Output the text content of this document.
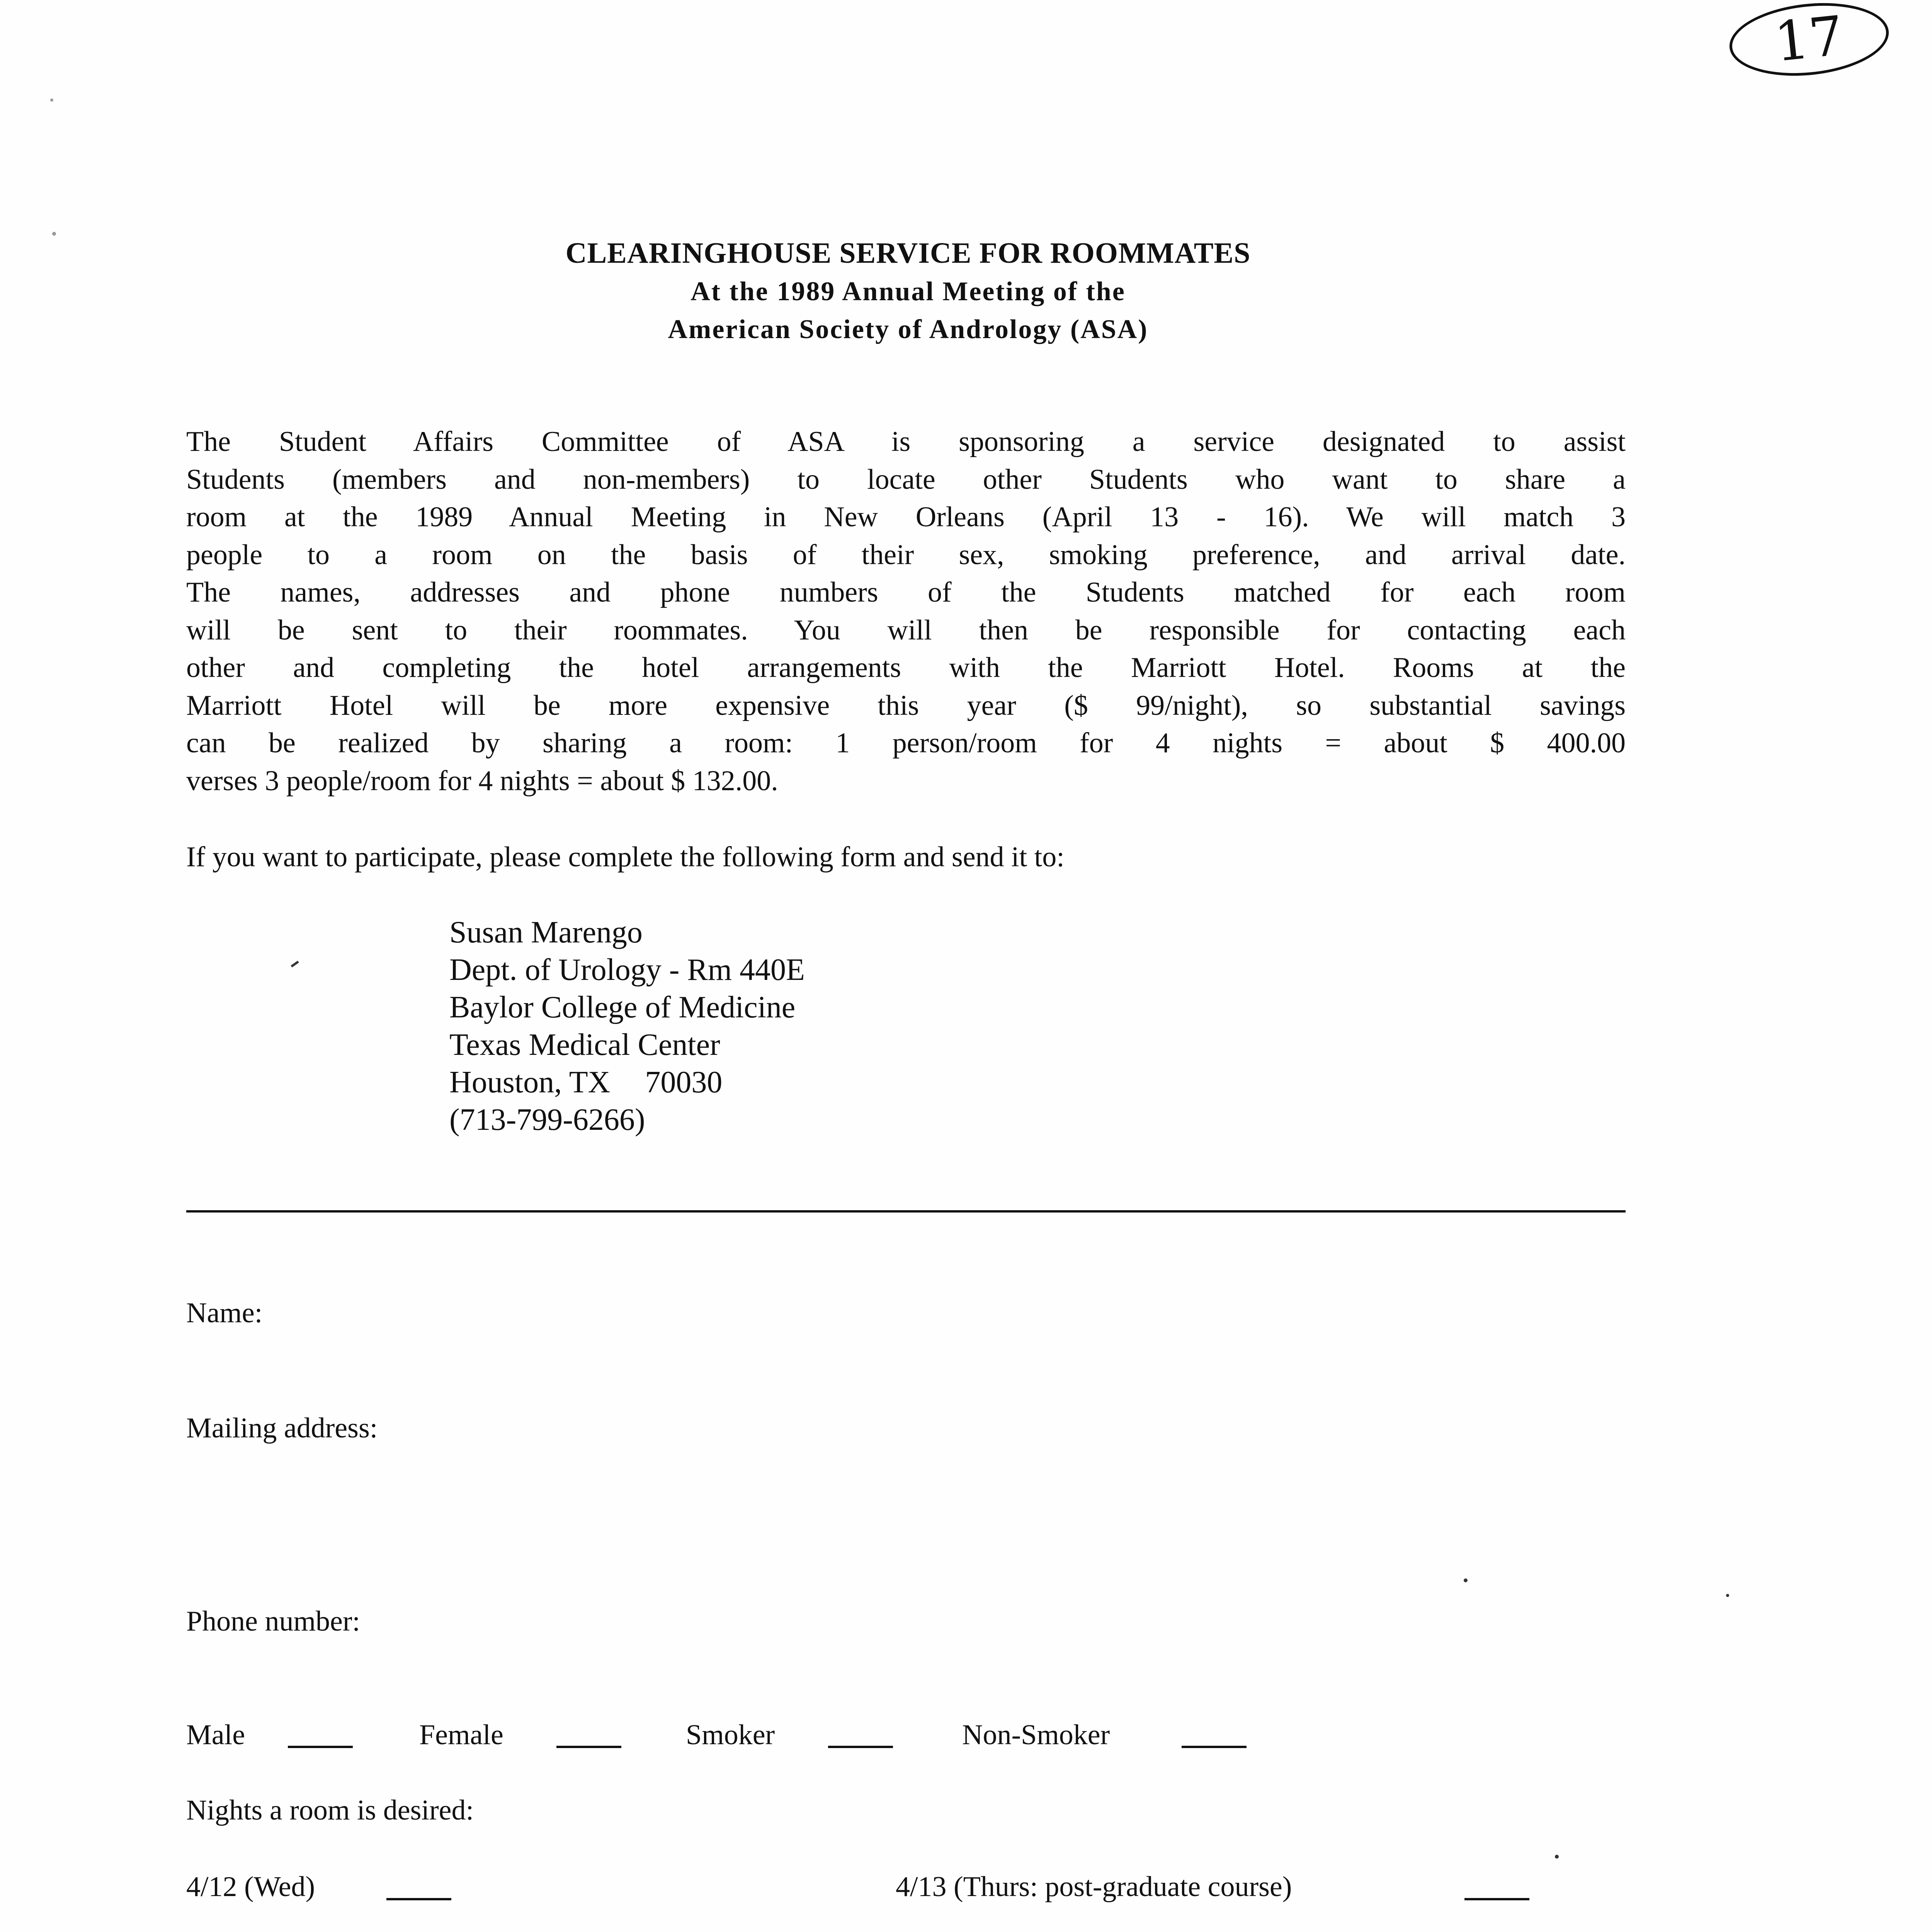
17
CLEARINGHOUSE SERVICE FOR ROOMMATES
At the 1989 Annual Meeting of the
American Society of Andrology (ASA)
The Student Affairs Committee of ASA is sponsoring a service designated to assist
Students (members and non-members) to locate other Students who want to share a
room at the 1989 Annual Meeting in New Orleans (April 13 - 16). We will match 3
people to a room on the basis of their sex, smoking preference, and arrival date.
The names, addresses and phone numbers of the Students matched for each room
will be sent to their roommates. You will then be responsible for contacting each
other and completing the hotel arrangements with the Marriott Hotel. Rooms at the
Marriott Hotel will be more expensive this year ($ 99/night), so substantial savings
can be realized by sharing a room: 1 person/room for 4 nights = about $ 400.00
verses 3 people/room for 4 nights = about $ 132.00.
If you want to participate, please complete the following form and send it to:
Susan Marengo
Dept. of Urology - Rm 440E
Baylor College of Medicine
Texas Medical Center
Houston, TX 70030
(713-799-6266)
Name:
Mailing address:
Phone number:
Male	Female	Smoker	Non-Smoker
Nights a room is desired:
4/12 (Wed)	4/13 (Thurs: post-graduate course)
